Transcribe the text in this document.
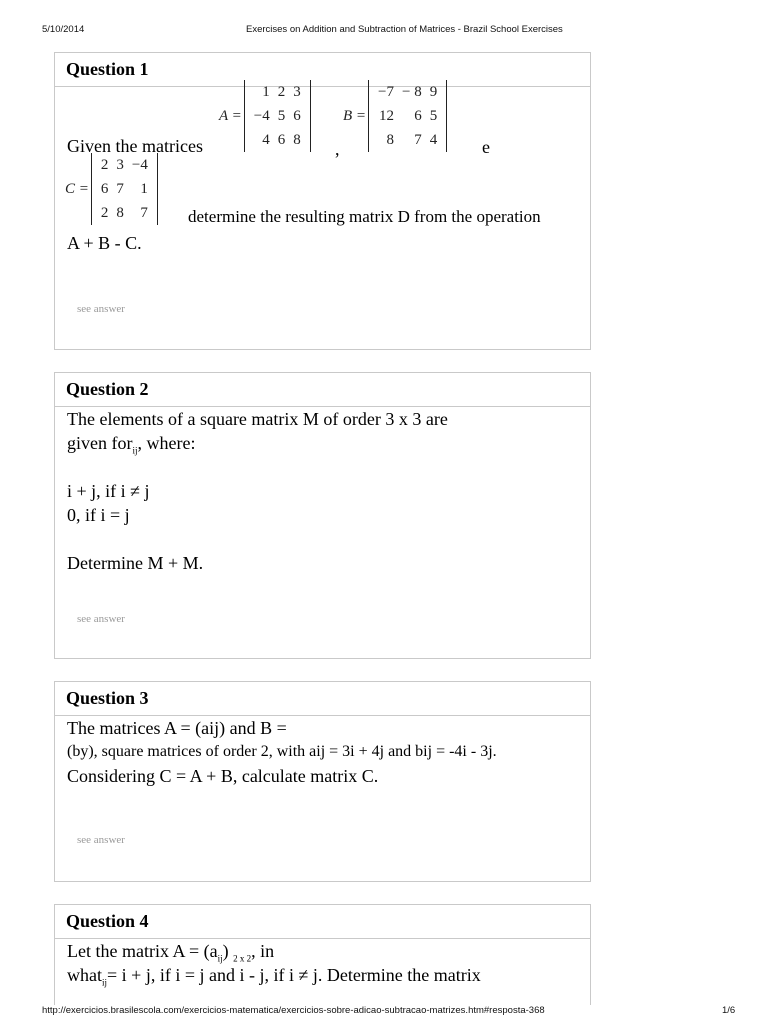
5/10/2014	Exercises on Addition and Subtraction of Matrices - Brazil School Exercises
Question 1
A =
1	2	3
−4	5	6
4	6	8 ,
B =
−7	− 8	9
12	6	5
8	7	4 e
Given the matrices
C =
2	3	−4
6	7	1
2	8	7 determine the resulting matrix D from the operation
A + B - C.
see answer
Question 2
The elements of a square matrix M of order 3 x 3 are
given for$_{ij}$, where:

i + j, if i ≠ j
0, if i = j

Determine M + M.
see answer
Question 3
The matrices A = (aij) and B =
(by), square matrices of order 2, with aij = 3i + 4j and bij = -4i - 3j.
Considering C = A + B, calculate matrix C.
see answer
Question 4
Let the matrix $A = (a_{ij})$ $_{2 x 2}$, in
what$_{ij}$= i + j, if i = j and i - j, if i ≠ j. Determine the matrix
http://exercicios.brasilescola.com/exercicios-matematica/exercicios-sobre-adicao-subtracao-matrizes.htm#resposta-368	1/6
